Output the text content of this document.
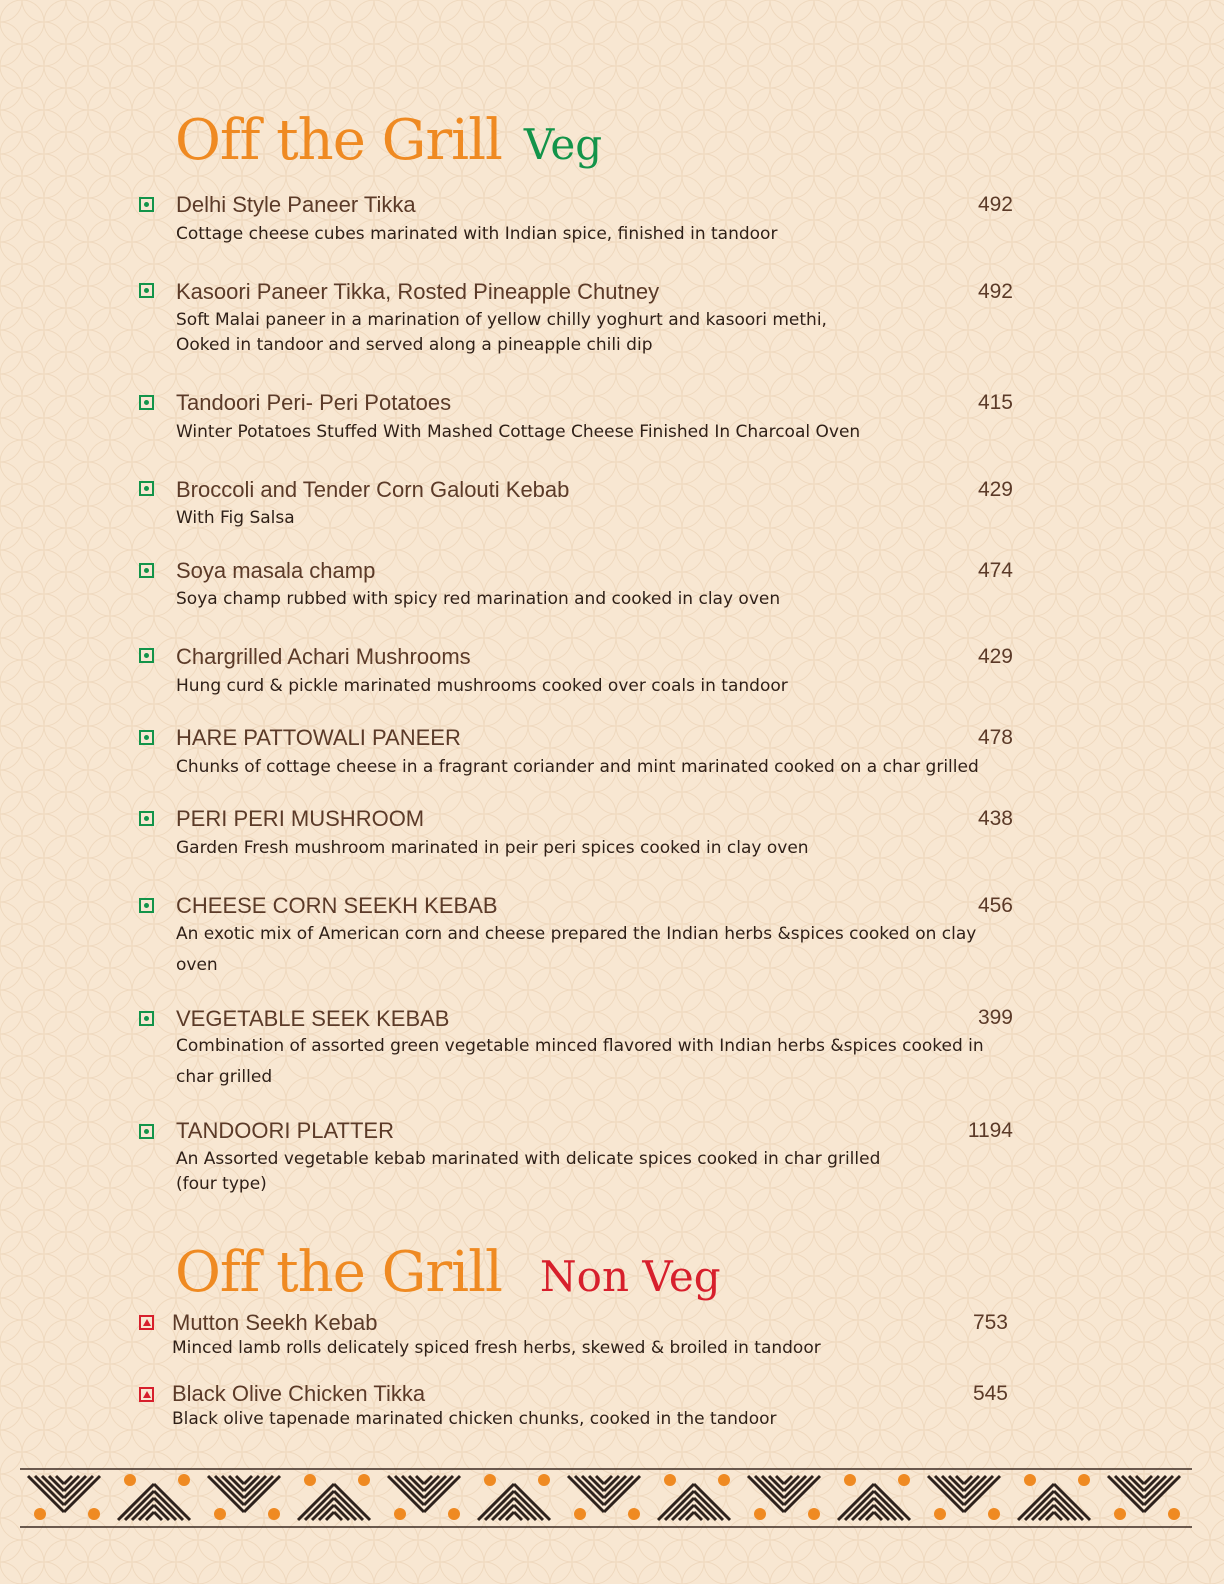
Off the Grill Veg
Delhi Style Paneer Tikka	492
Cottage cheese cubes marinated with Indian spice, finished in tandoor
Kasoori Paneer Tikka, Rosted Pineapple Chutney	492
Soft Malai paneer in a marination of yellow chilly yoghurt and kasoori methi,
Ooked in tandoor and served along a pineapple chili dip
Tandoori Peri- Peri Potatoes	415
Winter Potatoes Stuffed With Mashed Cottage Cheese Finished In Charcoal Oven
Broccoli and Tender Corn Galouti Kebab	429
With Fig Salsa
Soya masala champ	474
Soya champ rubbed with spicy red marination and cooked in clay oven
Chargrilled Achari Mushrooms	429
Hung curd & pickle marinated mushrooms cooked over coals in tandoor
HARE PATTOWALI PANEER	478
Chunks of cottage cheese in a fragrant coriander and mint marinated cooked on a char grilled
PERI PERI MUSHROOM	438
Garden Fresh mushroom marinated in peir peri spices cooked in clay oven
CHEESE CORN SEEKH KEBAB	456
An exotic mix of American corn and cheese prepared the Indian herbs &spices cooked on clay
oven
VEGETABLE SEEK KEBAB	399
Combination of assorted green vegetable minced flavored with Indian herbs &spices cooked in
char grilled
TANDOORI PLATTER	1194
An Assorted vegetable kebab marinated with delicate spices cooked in char grilled
(four type)
Off the Grill Non Veg
Mutton Seekh Kebab	753
Minced lamb rolls delicately spiced fresh herbs, skewed & broiled in tandoor
Black Olive Chicken Tikka	545
Black olive tapenade marinated chicken chunks, cooked in the tandoor
